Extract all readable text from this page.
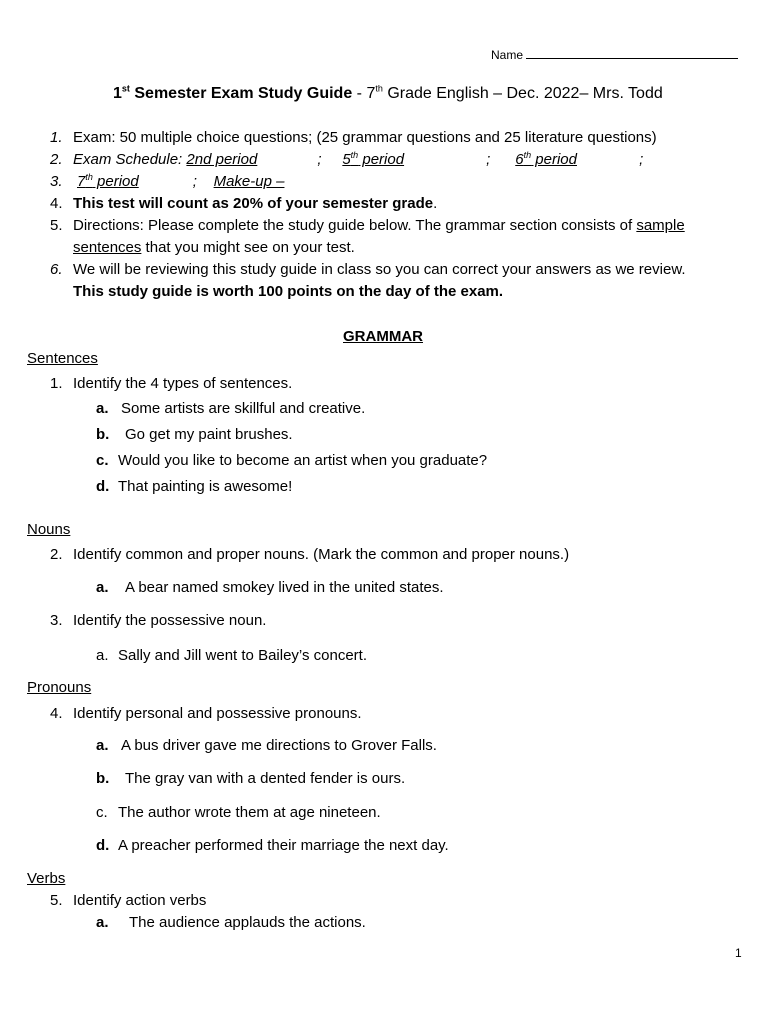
Name
1st Semester Exam Study Guide - 7th Grade English – Dec. 2022– Mrs. Todd
1. Exam: 50 multiple choice questions; (25 grammar questions and 25 literature questions)
2. Exam Schedule: 2nd period	;     5th period	;      6th period	;
3. 7th period	;    Make-up –
4. This test will count as 20% of your semester grade.
5. Directions: Please complete the study guide below. The grammar section consists of sample
sentences that you might see on your test.
6. We will be reviewing this study guide in class so you can correct your answers as we review.
This study guide is worth 100 points on the day of the exam.
GRAMMAR
Sentences
1. Identify the 4 types of sentences.
a. Some artists are skillful and creative.
b. Go get my paint brushes.
c. Would you like to become an artist when you graduate?
d. That painting is awesome!
Nouns
2. Identify common and proper nouns. (Mark the common and proper nouns.)
a. A bear named smokey lived in the united states.
3. Identify the possessive noun.
a. Sally and Jill went to Bailey’s concert.
Pronouns
4. Identify personal and possessive pronouns.
a. A bus driver gave me directions to Grover Falls.
b. The gray van with a dented fender is ours.
c. The author wrote them at age nineteen.
d. A preacher performed their marriage the next day.
Verbs
5. Identify action verbs
a. The audience applauds the actions.
1
